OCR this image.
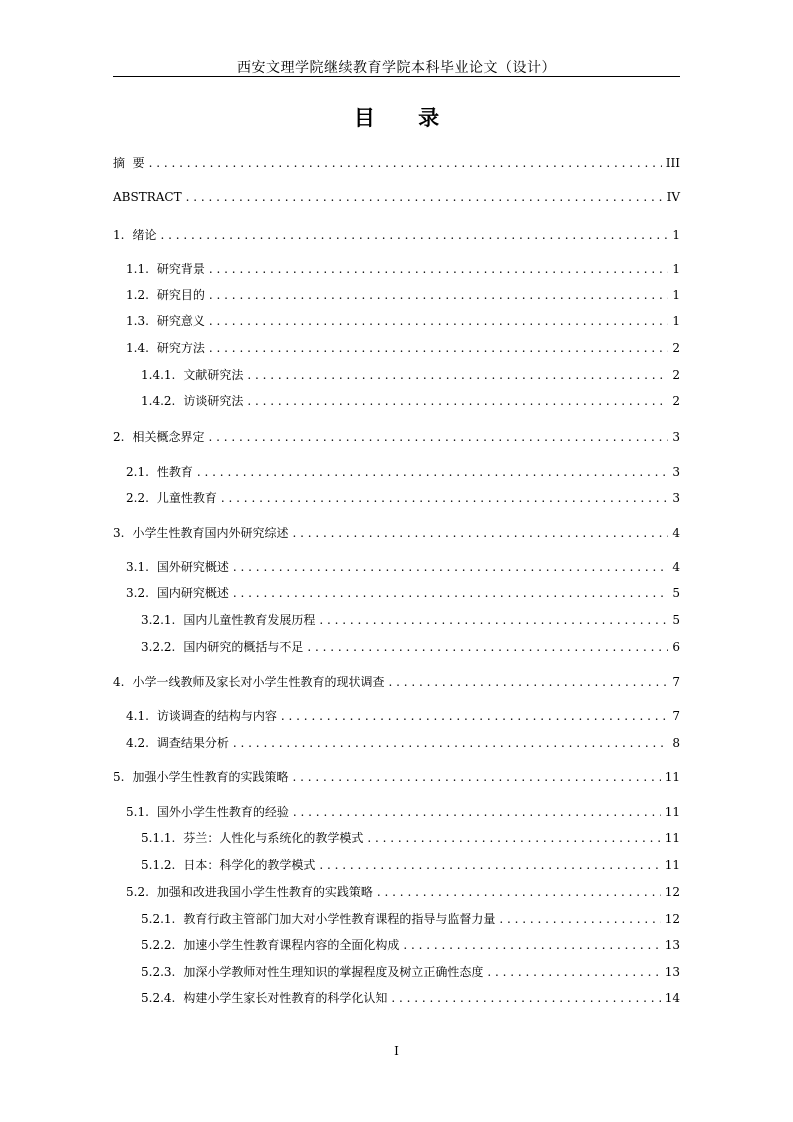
西安文理学院继续教育学院本科毕业论文（设计）
目 录
摘  要 . . .	III
ABSTRACT . . .	IV
1. 绪论 . . .	1
1.1. 研究背景 . . .	1
1.2. 研究目的 . . .	1
1.3. 研究意义 . . .	1
1.4. 研究方法 . . .	2
1.4.1. 文献研究法 . . .	2
1.4.2. 访谈研究法 . . .	2
2. 相关概念界定 . . .	3
2.1. 性教育 . . .	3
2.2. 儿童性教育 . . .	3
3. 小学生性教育国内外研究综述 . . .	4
3.1. 国外研究概述 . . .	4
3.2. 国内研究概述 . . .	5
3.2.1. 国内儿童性教育发展历程 . . .	5
3.2.2. 国内研究的概括与不足 . . .	6
4. 小学一线教师及家长对小学生性教育的现状调查 . . .	7
4.1. 访谈调查的结构与内容 . . .	7
4.2. 调查结果分析 . . .	8
5. 加强小学生性教育的实践策略 . . .	11
5.1. 国外小学生性教育的经验 . . .	11
5.1.1. 芬兰：人性化与系统化的教学模式 . . .	11
5.1.2. 日本：科学化的教学模式 . . .	11
5.2. 加强和改进我国小学生性教育的实践策略 . . .	12
5.2.1. 教育行政主管部门加大对小学性教育课程的指导与监督力量 . . .	12
5.2.2. 加速小学生性教育课程内容的全面化构成 . . .	13
5.2.3. 加深小学教师对性生理知识的掌握程度及树立正确性态度 . . .	13
5.2.4. 构建小学生家长对性教育的科学化认知 . . .	14
I
